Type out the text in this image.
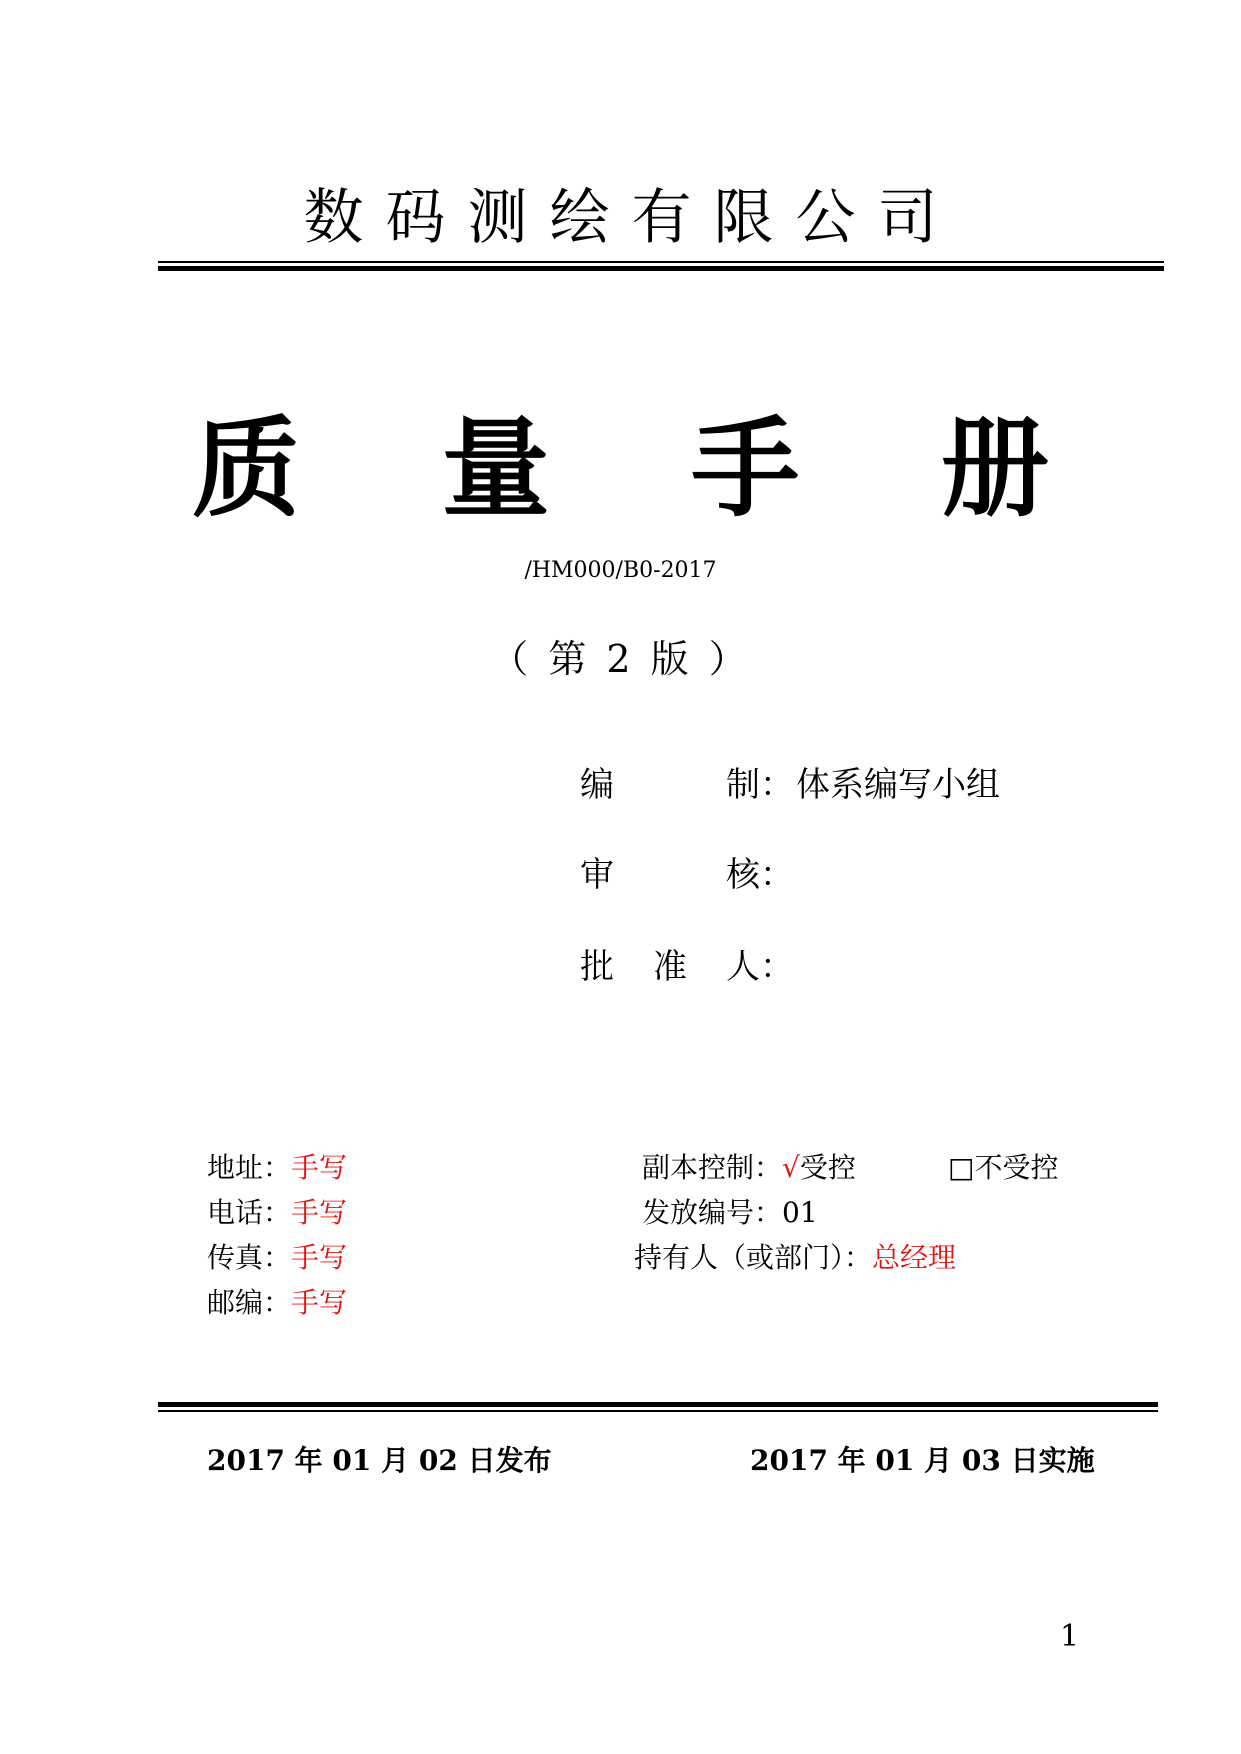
数码测绘有限公司
质 量 手 册
/HM000/B0-2017
（ 第 2 版 ）
编制 ： 体系编写小组
审核 ：
批准人 ：
地址：手写
电话：手写
传真：手写
邮编：手写
副本控制：√受控	□不受控
发放编号：01
持有人（或部门）：总经理
2017 年 01 月 02 日发布	2017 年 01 月 03 日实施
1
